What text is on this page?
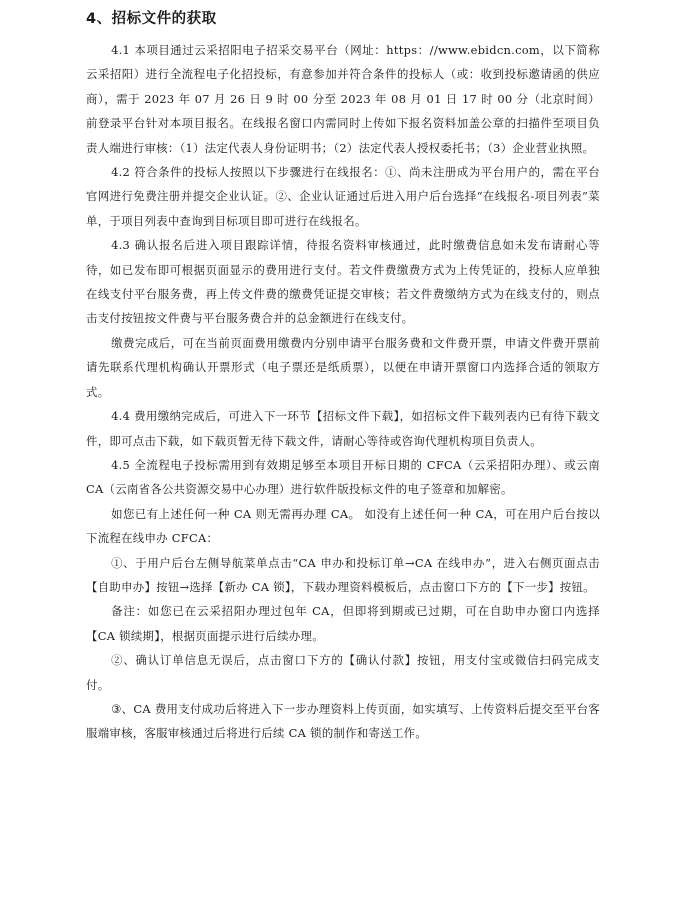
4、招标文件的获取

4.1 本项目通过云采招阳电子招采交易平台（网址：https：//www.ebidcn.com，以下简称云采招阳）进行全流程电子化招投标，有意参加并符合条件的投标人（或：收到投标邀请函的供应商），需于 2023 年 07 月 26 日 9 时 00 分至 2023 年 08 月 01 日 17 时 00 分（北京时间）前登录平台针对本项目报名。在线报名窗口内需同时上传如下报名资料加盖公章的扫描件至项目负责人端进行审核：（1）法定代表人身份证明书；（2）法定代表人授权委托书；（3）企业营业执照。

4.2 符合条件的投标人按照以下步骤进行在线报名：①、尚未注册成为平台用户的，需在平台官网进行免费注册并提交企业认证。②、企业认证通过后进入用户后台选择“在线报名-项目列表”菜单，于项目列表中查询到目标项目即可进行在线报名。

4.3 确认报名后进入项目跟踪详情，待报名资料审核通过，此时缴费信息如未发布请耐心等待，如已发布即可根据页面显示的费用进行支付。若文件费缴费方式为上传凭证的，投标人应单独在线支付平台服务费，再上传文件费的缴费凭证提交审核；若文件费缴纳方式为在线支付的，则点击支付按钮按文件费与平台服务费合并的总金额进行在线支付。

缴费完成后，可在当前页面费用缴费内分别申请平台服务费和文件费开票，申请文件费开票前请先联系代理机构确认开票形式（电子票还是纸质票），以便在申请开票窗口内选择合适的领取方式。

4.4 费用缴纳完成后，可进入下一环节【招标文件下载】，如招标文件下载列表内已有待下载文件，即可点击下载，如下载页暂无待下载文件，请耐心等待或咨询代理机构项目负责人。

4.5 全流程电子投标需用到有效期足够至本项目开标日期的 CFCA（云采招阳办理）、或云南 CA（云南省各公共资源交易中心办理）进行软件版投标文件的电子签章和加解密。

如您已有上述任何一种 CA 则无需再办理 CA。 如没有上述任何一种 CA，可在用户后台按以下流程在线申办 CFCA：

①、于用户后台左侧导航菜单点击“CA 申办和投标订单→CA 在线申办”，进入右侧页面点击【自助申办】按钮→选择【新办 CA 锁】，下载办理资料模板后，点击窗口下方的【下一步】按钮。

备注：如您已在云采招阳办理过包年 CA，但即将到期或已过期，可在自助申办窗口内选择【CA 锁续期】，根据页面提示进行后续办理。

②、确认订单信息无误后，点击窗口下方的【确认付款】按钮，用支付宝或微信扫码完成支付。

③、CA 费用支付成功后将进入下一步办理资料上传页面，如实填写、上传资料后提交至平台客服端审核，客服审核通过后将进行后续 CA 锁的制作和寄送工作。
